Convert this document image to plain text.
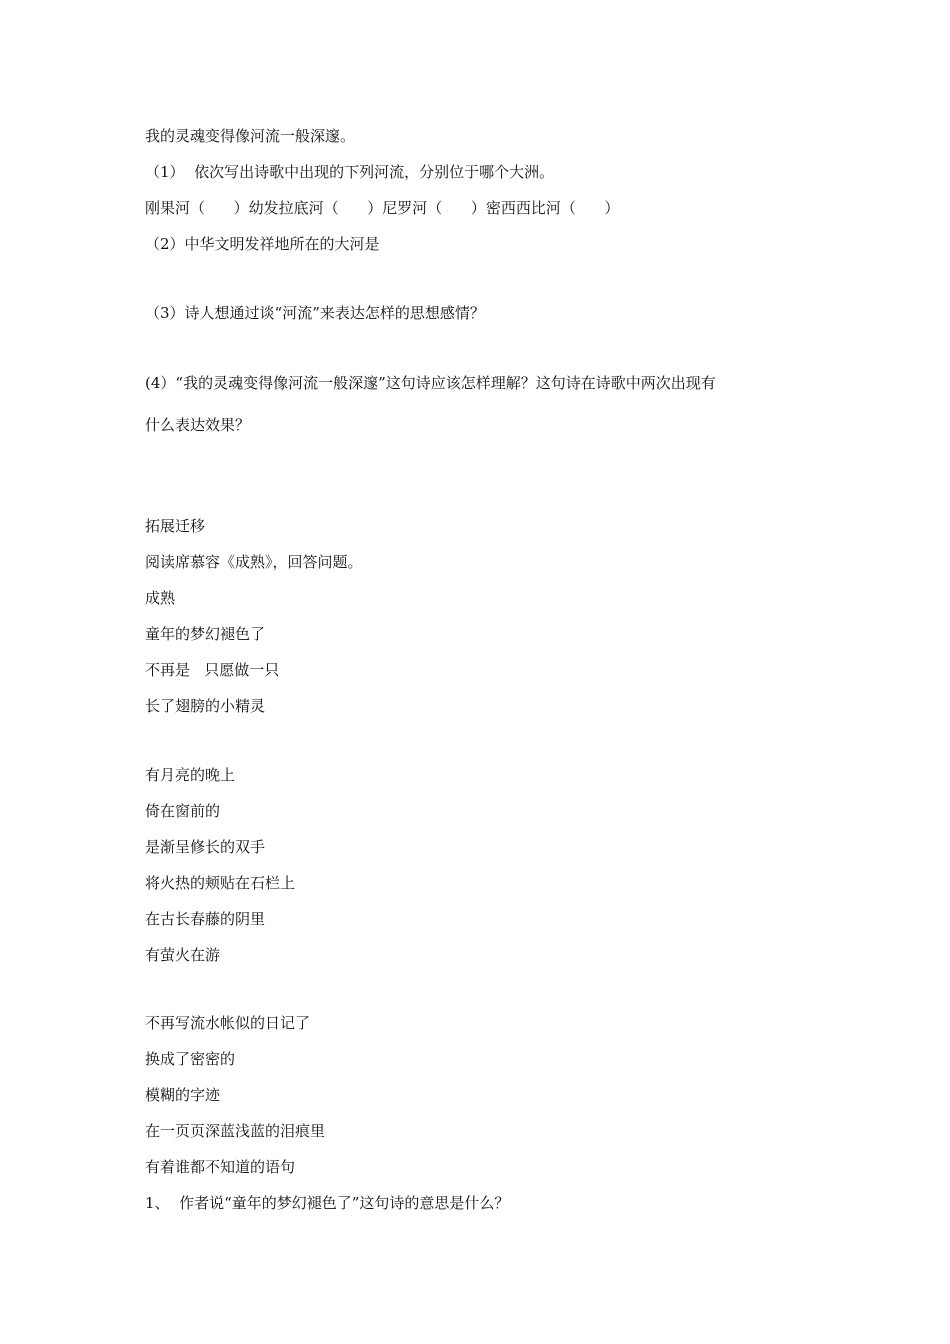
我的灵魂变得像河流一般深邃。
（1）  依次写出诗歌中出现的下列河流，分别位于哪个大洲。
刚果河（      ）幼发拉底河（      ）尼罗河（      ）密西西比河（      ）
（2）中华文明发祥地所在的大河是
（3）诗人想通过谈“河流”来表达怎样的思想感情？
(4）“我的灵魂变得像河流一般深邃”这句诗应该怎样理解？这句诗在诗歌中两次出现有
什么表达效果？
拓展迁移
阅读席慕容《成熟》，回答问题。
成熟
童年的梦幻褪色了
不再是   只愿做一只
长了翅膀的小精灵
有月亮的晚上
倚在窗前的
是渐呈修长的双手
将火热的颊贴在石栏上
在古长春藤的阴里
有萤火在游
不再写流水帐似的日记了
换成了密密的
模糊的字迹
在一页页深蓝浅蓝的泪痕里
有着谁都不知道的语句
1、  作者说“童年的梦幻褪色了”这句诗的意思是什么？
